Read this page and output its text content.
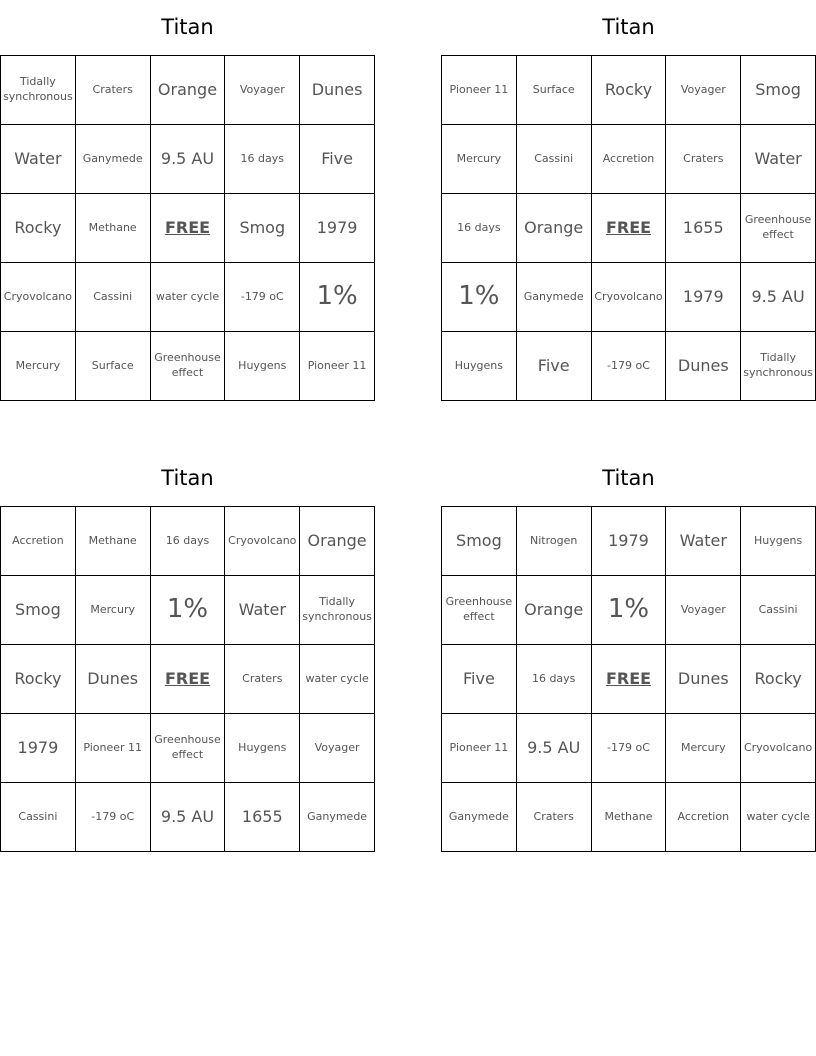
Titan
Tidally synchronous	Craters	Orange	Voyager	Dunes
Water	Ganymede	9.5 AU	16 days	Five
Rocky	Methane	FREE	Smog	1979
Cryovolcano	Cassini	water cycle	-179 oC	1%
Mercury	Surface	Greenhouse effect	Huygens	Pioneer 11
Titan
Pioneer 11	Surface	Rocky	Voyager	Smog
Mercury	Cassini	Accretion	Craters	Water
16 days	Orange	FREE	1655	Greenhouse effect
1%	Ganymede	Cryovolcano	1979	9.5 AU
Huygens	Five	-179 oC	Dunes	Tidally synchronous
Titan
Accretion	Methane	16 days	Cryovolcano	Orange
Smog	Mercury	1%	Water	Tidally synchronous
Rocky	Dunes	FREE	Craters	water cycle
1979	Pioneer 11	Greenhouse effect	Huygens	Voyager
Cassini	-179 oC	9.5 AU	1655	Ganymede
Titan
Smog	Nitrogen	1979	Water	Huygens
Greenhouse effect	Orange	1%	Voyager	Cassini
Five	16 days	FREE	Dunes	Rocky
Pioneer 11	9.5 AU	-179 oC	Mercury	Cryovolcano
Ganymede	Craters	Methane	Accretion	water cycle
